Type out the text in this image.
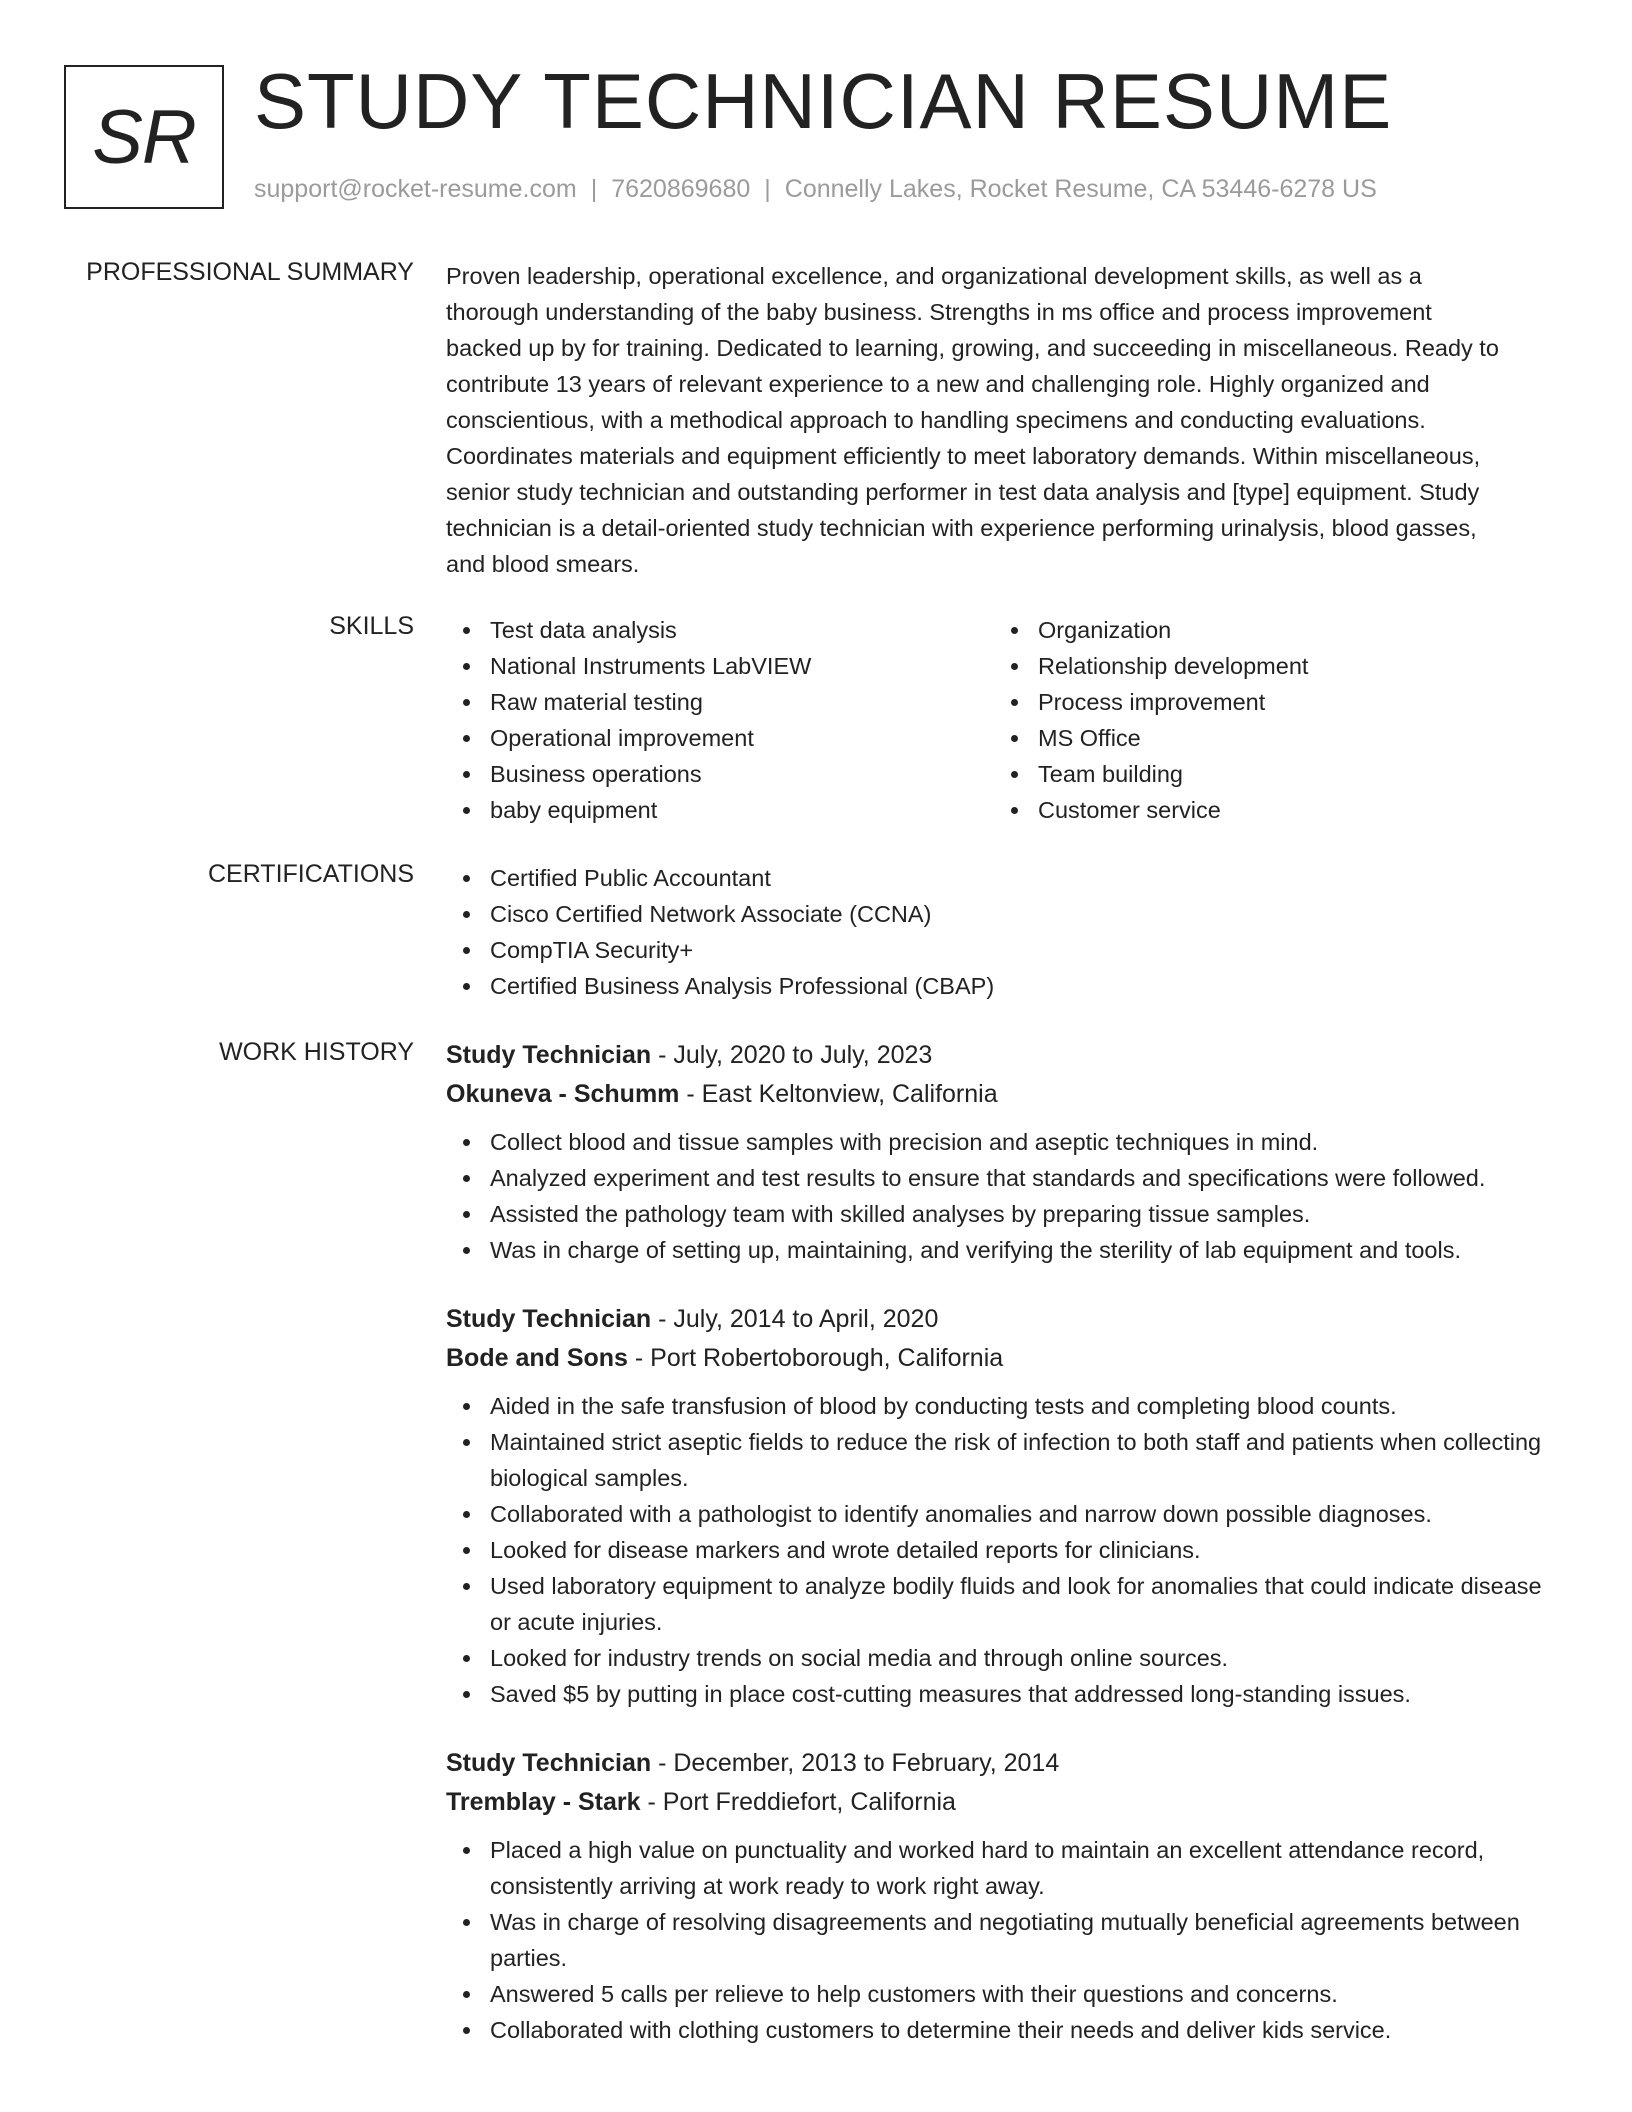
SR STUDY TECHNICIAN RESUME
support@rocket-resume.com | 7620869680 | Connelly Lakes, Rocket Resume, CA 53446-6278 US
PROFESSIONAL SUMMARY Proven leadership, operational excellence, and organizational development skills, as well as a
thorough understanding of the baby business. Strengths in ms office and process improvement
backed up by for training. Dedicated to learning, growing, and succeeding in miscellaneous. Ready to
contribute 13 years of relevant experience to a new and challenging role. Highly organized and
conscientious, with a methodical approach to handling specimens and conducting evaluations.
Coordinates materials and equipment efficiently to meet laboratory demands. Within miscellaneous,
senior study technician and outstanding performer in test data analysis and [type] equipment. Study
technician is a detail-oriented study technician with experience performing urinalysis, blood gasses,
and blood smears.
SKILLS	Test data analysis
National Instruments LabVIEW
Raw material testing
Operational improvement
Business operations
baby equipment
Organization
Relationship development
Process improvement
MS Office
Team building
Customer service
CERTIFICATIONS	Certified Public Accountant
Cisco Certified Network Associate (CCNA)
CompTIA Security+
Certified Business Analysis Professional (CBAP)
WORK HISTORY Study Technician - July, 2020 to July, 2023
Okuneva - Schumm - East Keltonview, California
Collect blood and tissue samples with precision and aseptic techniques in mind.
Analyzed experiment and test results to ensure that standards and specifications were followed.
Assisted the pathology team with skilled analyses by preparing tissue samples.
Was in charge of setting up, maintaining, and verifying the sterility of lab equipment and tools.
Study Technician - July, 2014 to April, 2020
Bode and Sons - Port Robertoborough, California
Aided in the safe transfusion of blood by conducting tests and completing blood counts.
Maintained strict aseptic fields to reduce the risk of infection to both staff and patients when collecting biological samples.
Collaborated with a pathologist to identify anomalies and narrow down possible diagnoses.
Looked for disease markers and wrote detailed reports for clinicians.
Used laboratory equipment to analyze bodily fluids and look for anomalies that could indicate disease or acute injuries.
Looked for industry trends on social media and through online sources.
Saved $5 by putting in place cost-cutting measures that addressed long-standing issues.
Study Technician - December, 2013 to February, 2014
Tremblay - Stark - Port Freddiefort, California
Placed a high value on punctuality and worked hard to maintain an excellent attendance record, consistently arriving at work ready to work right away.
Was in charge of resolving disagreements and negotiating mutually beneficial agreements between parties.
Answered 5 calls per relieve to help customers with their questions and concerns.
Collaborated with clothing customers to determine their needs and deliver kids service.
